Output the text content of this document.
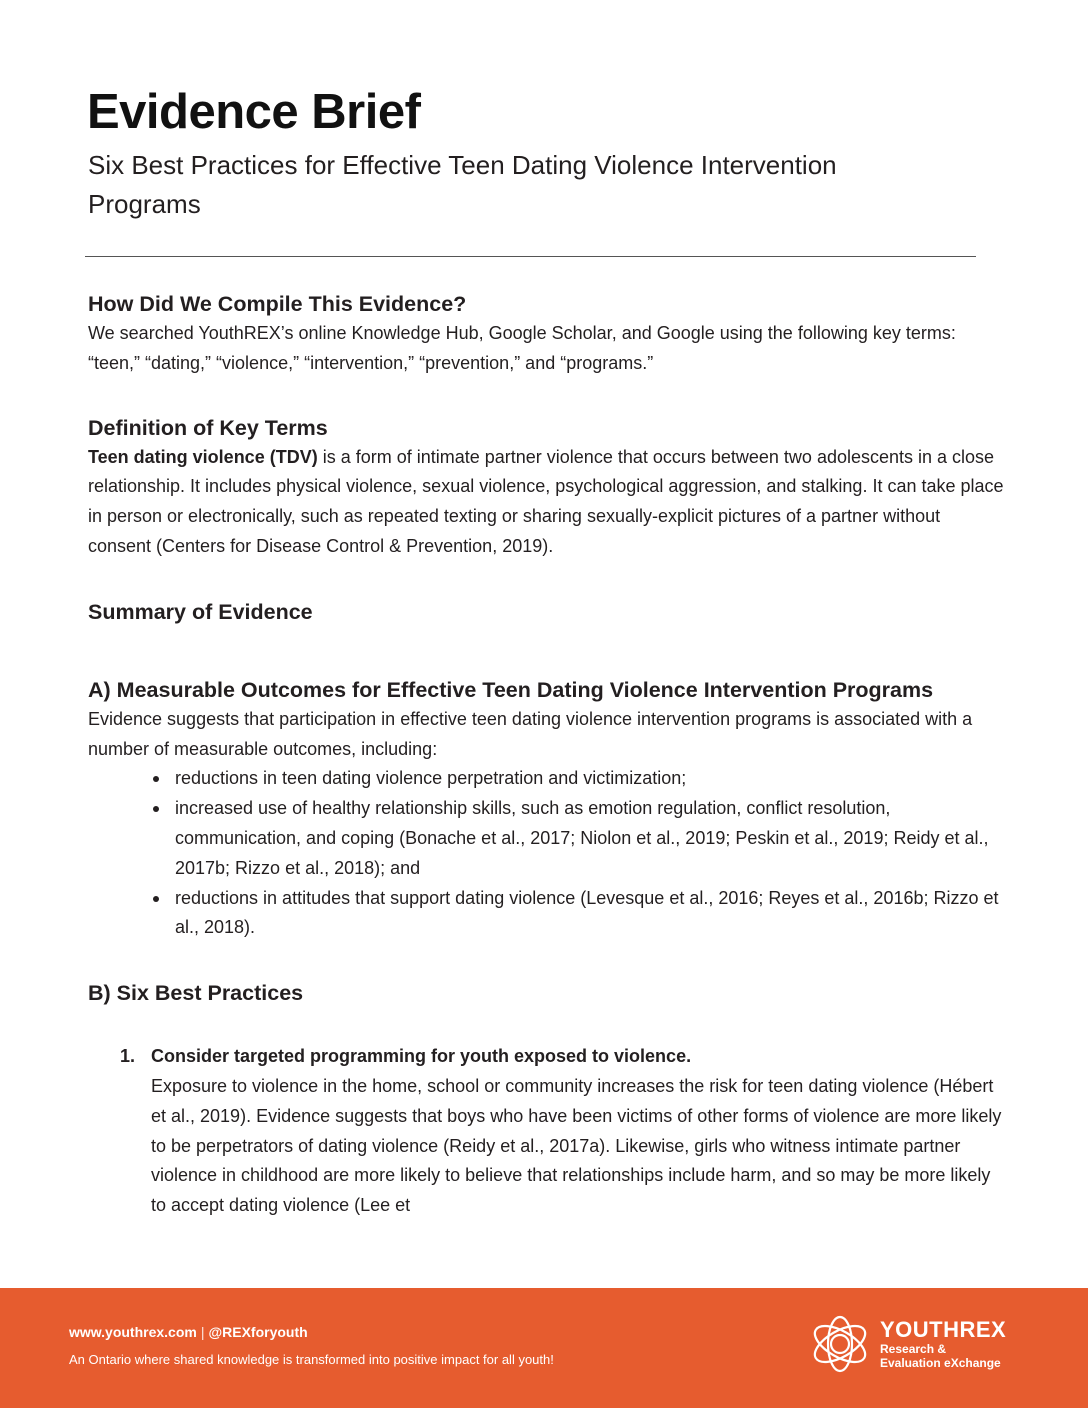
Evidence Brief
Six Best Practices for Effective Teen Dating Violence Intervention Programs
How Did We Compile This Evidence?

We searched YouthREX’s online Knowledge Hub, Google Scholar, and Google using the following key terms: “teen,” “dating,” “violence,” “intervention,” “prevention,” and “programs.”

Definition of Key Terms

Teen dating violence (TDV) is a form of intimate partner violence that occurs between two adolescents in a close relationship. It includes physical violence, sexual violence, psychological aggression, and stalking. It can take place in person or electronically, such as repeated texting or sharing sexually-explicit pictures of a partner without consent (Centers for Disease Control & Prevention, 2019).

Summary of Evidence
A) Measurable Outcomes for Effective Teen Dating Violence Intervention Programs

Evidence suggests that participation in effective teen dating violence intervention programs is associated with a number of measurable outcomes, including:

reductions in teen dating violence perpetration and victimization;
increased use of healthy relationship skills, such as emotion regulation, conflict resolution, communication, and coping (Bonache et al., 2017; Niolon et al., 2019; Peskin et al., 2019; Reidy et al., 2017b; Rizzo et al., 2018); and
reductions in attitudes that support dating violence (Levesque et al., 2016; Reyes et al., 2016b; Rizzo et al., 2018).
B) Six Best Practices
1. Consider targeted programming for youth exposed to violence.

Exposure to violence in the home, school or community increases the risk for teen dating violence (Hébert et al., 2019). Evidence suggests that boys who have been victims of other forms of violence are more likely to be perpetrators of dating violence (Reidy et al., 2017a). Likewise, girls who witness intimate partner violence in childhood are more likely to believe that relationships include harm, and so may be more likely to accept dating violence (Lee et

www.youthrex.com | @REXforyouth
An Ontario where shared knowledge is transformed into positive impact for all youth!
YOUTHREX
Research &
Evaluation eXchange
